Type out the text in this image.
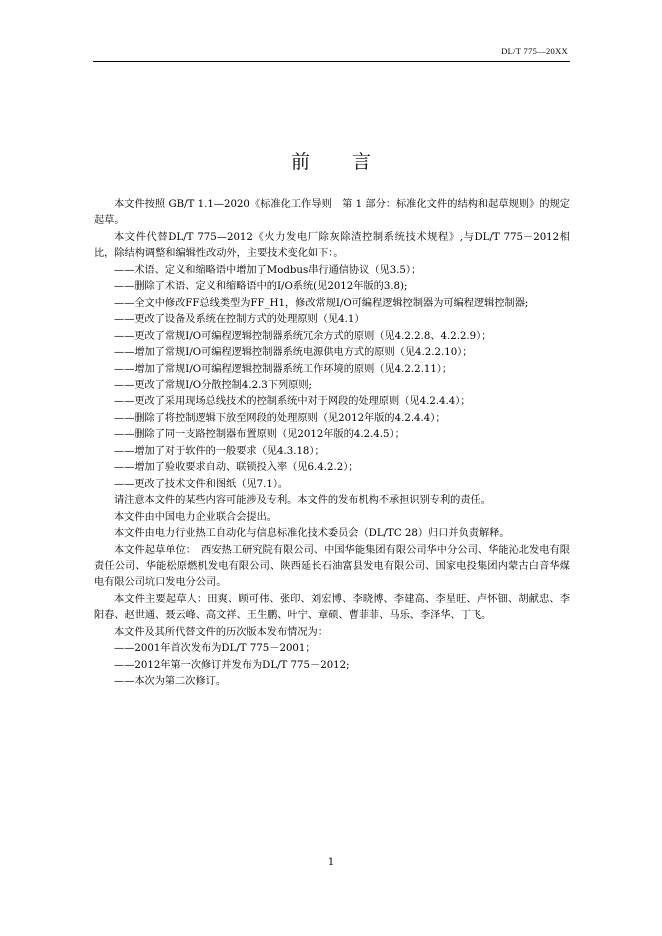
DL/T 775—20XX
前言

本文件按照 GB/T 1.1—2020《标准化工作导则　第 1 部分：标准化文件的结构和起草规则》的规定起草。

本文件代替DL/T 775—2012《火力发电厂除灰除渣控制系统技术规程》,与DL/T 775－2012相比，除结构调整和编辑性改动外，主要技术变化如下：。

——术语、定义和缩略语中增加了Modbus串行通信协议（见3.5）；

——删除了术语、定义和缩略语中的I/O系统(见2012年版的3.8);

——全文中修改FF总线类型为FF_H1，修改常规I/O可编程逻辑控制器为可编程逻辑控制器;

——更改了设备及系统在控制方式的处理原则（见4.1）

——更改了常规I/O可编程逻辑控制器系统冗余方式的原则（见4.2.2.8、4.2.2.9）；

——增加了常规I/O可编程逻辑控制器系统电源供电方式的原则（见4.2.2.10）；

——增加了常规I/O可编程逻辑控制器系统工作环境的原则（见4.2.2.11）；

——更改了常规I/O分散控制4.2.3下列原则;

——更改了采用现场总线技术的控制系统中对于网段的处理原则（见4.2.4.4）；

——删除了将控制逻辑下放至网段的处理原则（见2012年版的4.2.4.4）；

——删除了同一支路控制器布置原则（见2012年版的4.2.4.5）；

——增加了对于软件的一般要求（见4.3.18）；

——增加了验收要求自动、联锁投入率（见6.4.2.2）；

——更改了技术文件和图纸（见7.1）。

请注意本文件的某些内容可能涉及专利。本文件的发布机构不承担识别专利的责任。

本文件由中国电力企业联合会提出。

本文件由电力行业热工自动化与信息标准化技术委员会（DL/TC 28）归口并负责解释。

本文件起草单位：　西安热工研究院有限公司、中国华能集团有限公司华中分公司、华能沁北发电有限责任公司、华能松原燃机发电有限公司、陕西延长石油富县发电有限公司、国家电投集团内蒙古白音华煤电有限公司坑口发电分公司。

本文件主要起草人：田爽、顾可伟、张印、刘宏博、李晓博、李建高、李星旺、卢怀钿、胡献忠、李阳春、赵世通、聂云峰、高文祥、王生鹏、叶宁、章硕、曹菲菲、马乐、李泽华、丁飞。

本文件及其所代替文件的历次版本发布情况为：

——2001年首次发布为DL/T 775－2001；

——2012年第一次修订并发布为DL/T 775－2012;

——本次为第二次修订。

1
